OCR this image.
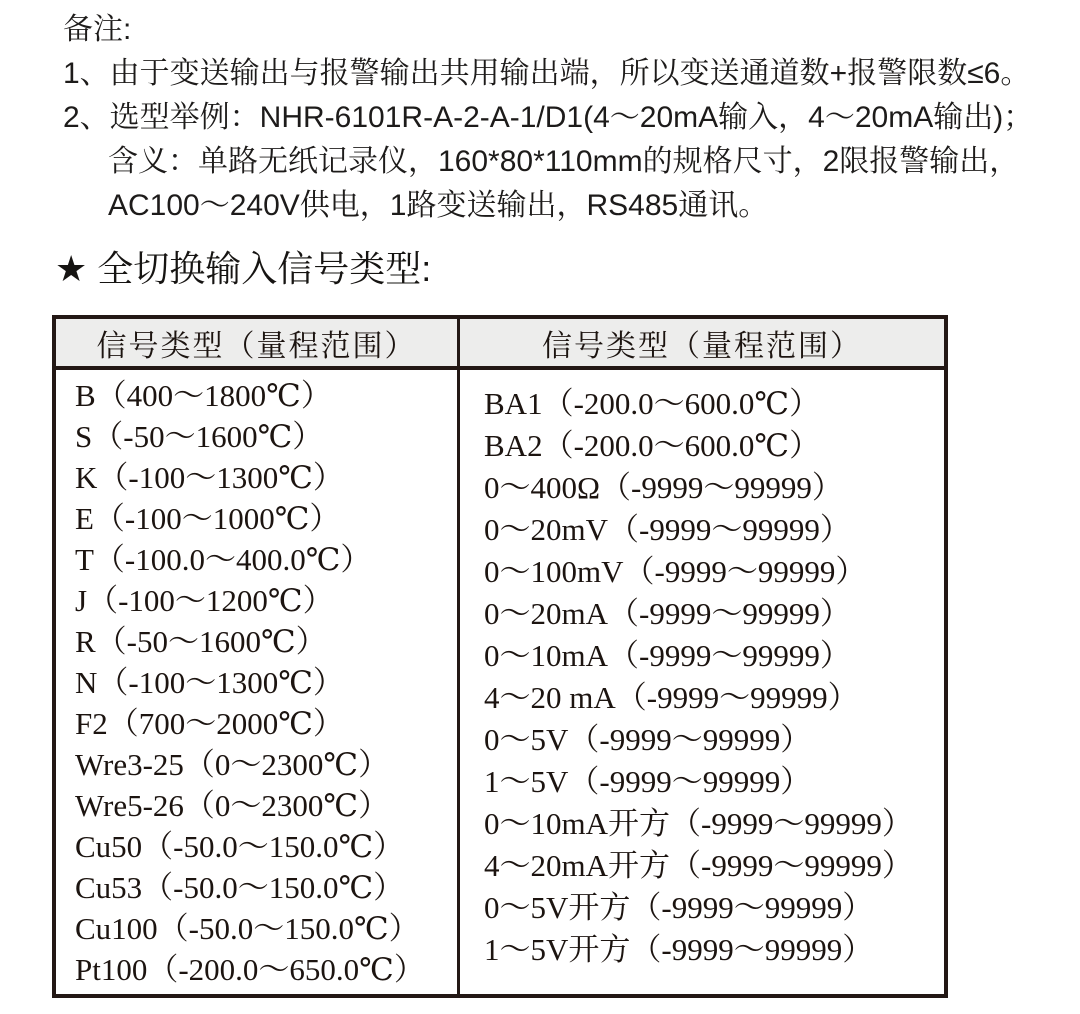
备注:
1、由于变送输出与报警输出共用输出端，所以变送通道数+报警限数≤6。
2、选型举例：NHR-6101R-A-2-A-1/D1(4～20mA输入，4～20mA输出)；
含义：单路无纸记录仪，160*80*110mm的规格尺寸，2限报警输出，
AC100～240V供电，1路变送输出，RS485通讯。
★ 全切换输入信号类型:
信号类型（量程范围）	信号类型（量程范围）
B（400～1800℃）
S（-50～1600℃）
K（-100～1300℃）
E（-100～1000℃）
T（-100.0～400.0℃）
J（-100～1200℃）
R（-50～1600℃）
N（-100～1300℃）
F2（700～2000℃）
Wre3-25（0～2300℃）
Wre5-26（0～2300℃）
Cu50（-50.0～150.0℃）
Cu53（-50.0～150.0℃）
Cu100（-50.0～150.0℃）
Pt100（-200.0～650.0℃）
BA1（-200.0～600.0℃）
BA2（-200.0～600.0℃）
0～400Ω（-9999～99999）
0～20mV（-9999～99999）
0～100mV（-9999～99999）
0～20mA（-9999～99999）
0～10mA（-9999～99999）
4～20 mA（-9999～99999）
0～5V（-9999～99999）
1～5V（-9999～99999）
0～10mA开方（-9999～99999）
4～20mA开方（-9999～99999）
0～5V开方（-9999～99999）
1～5V开方（-9999～99999）
